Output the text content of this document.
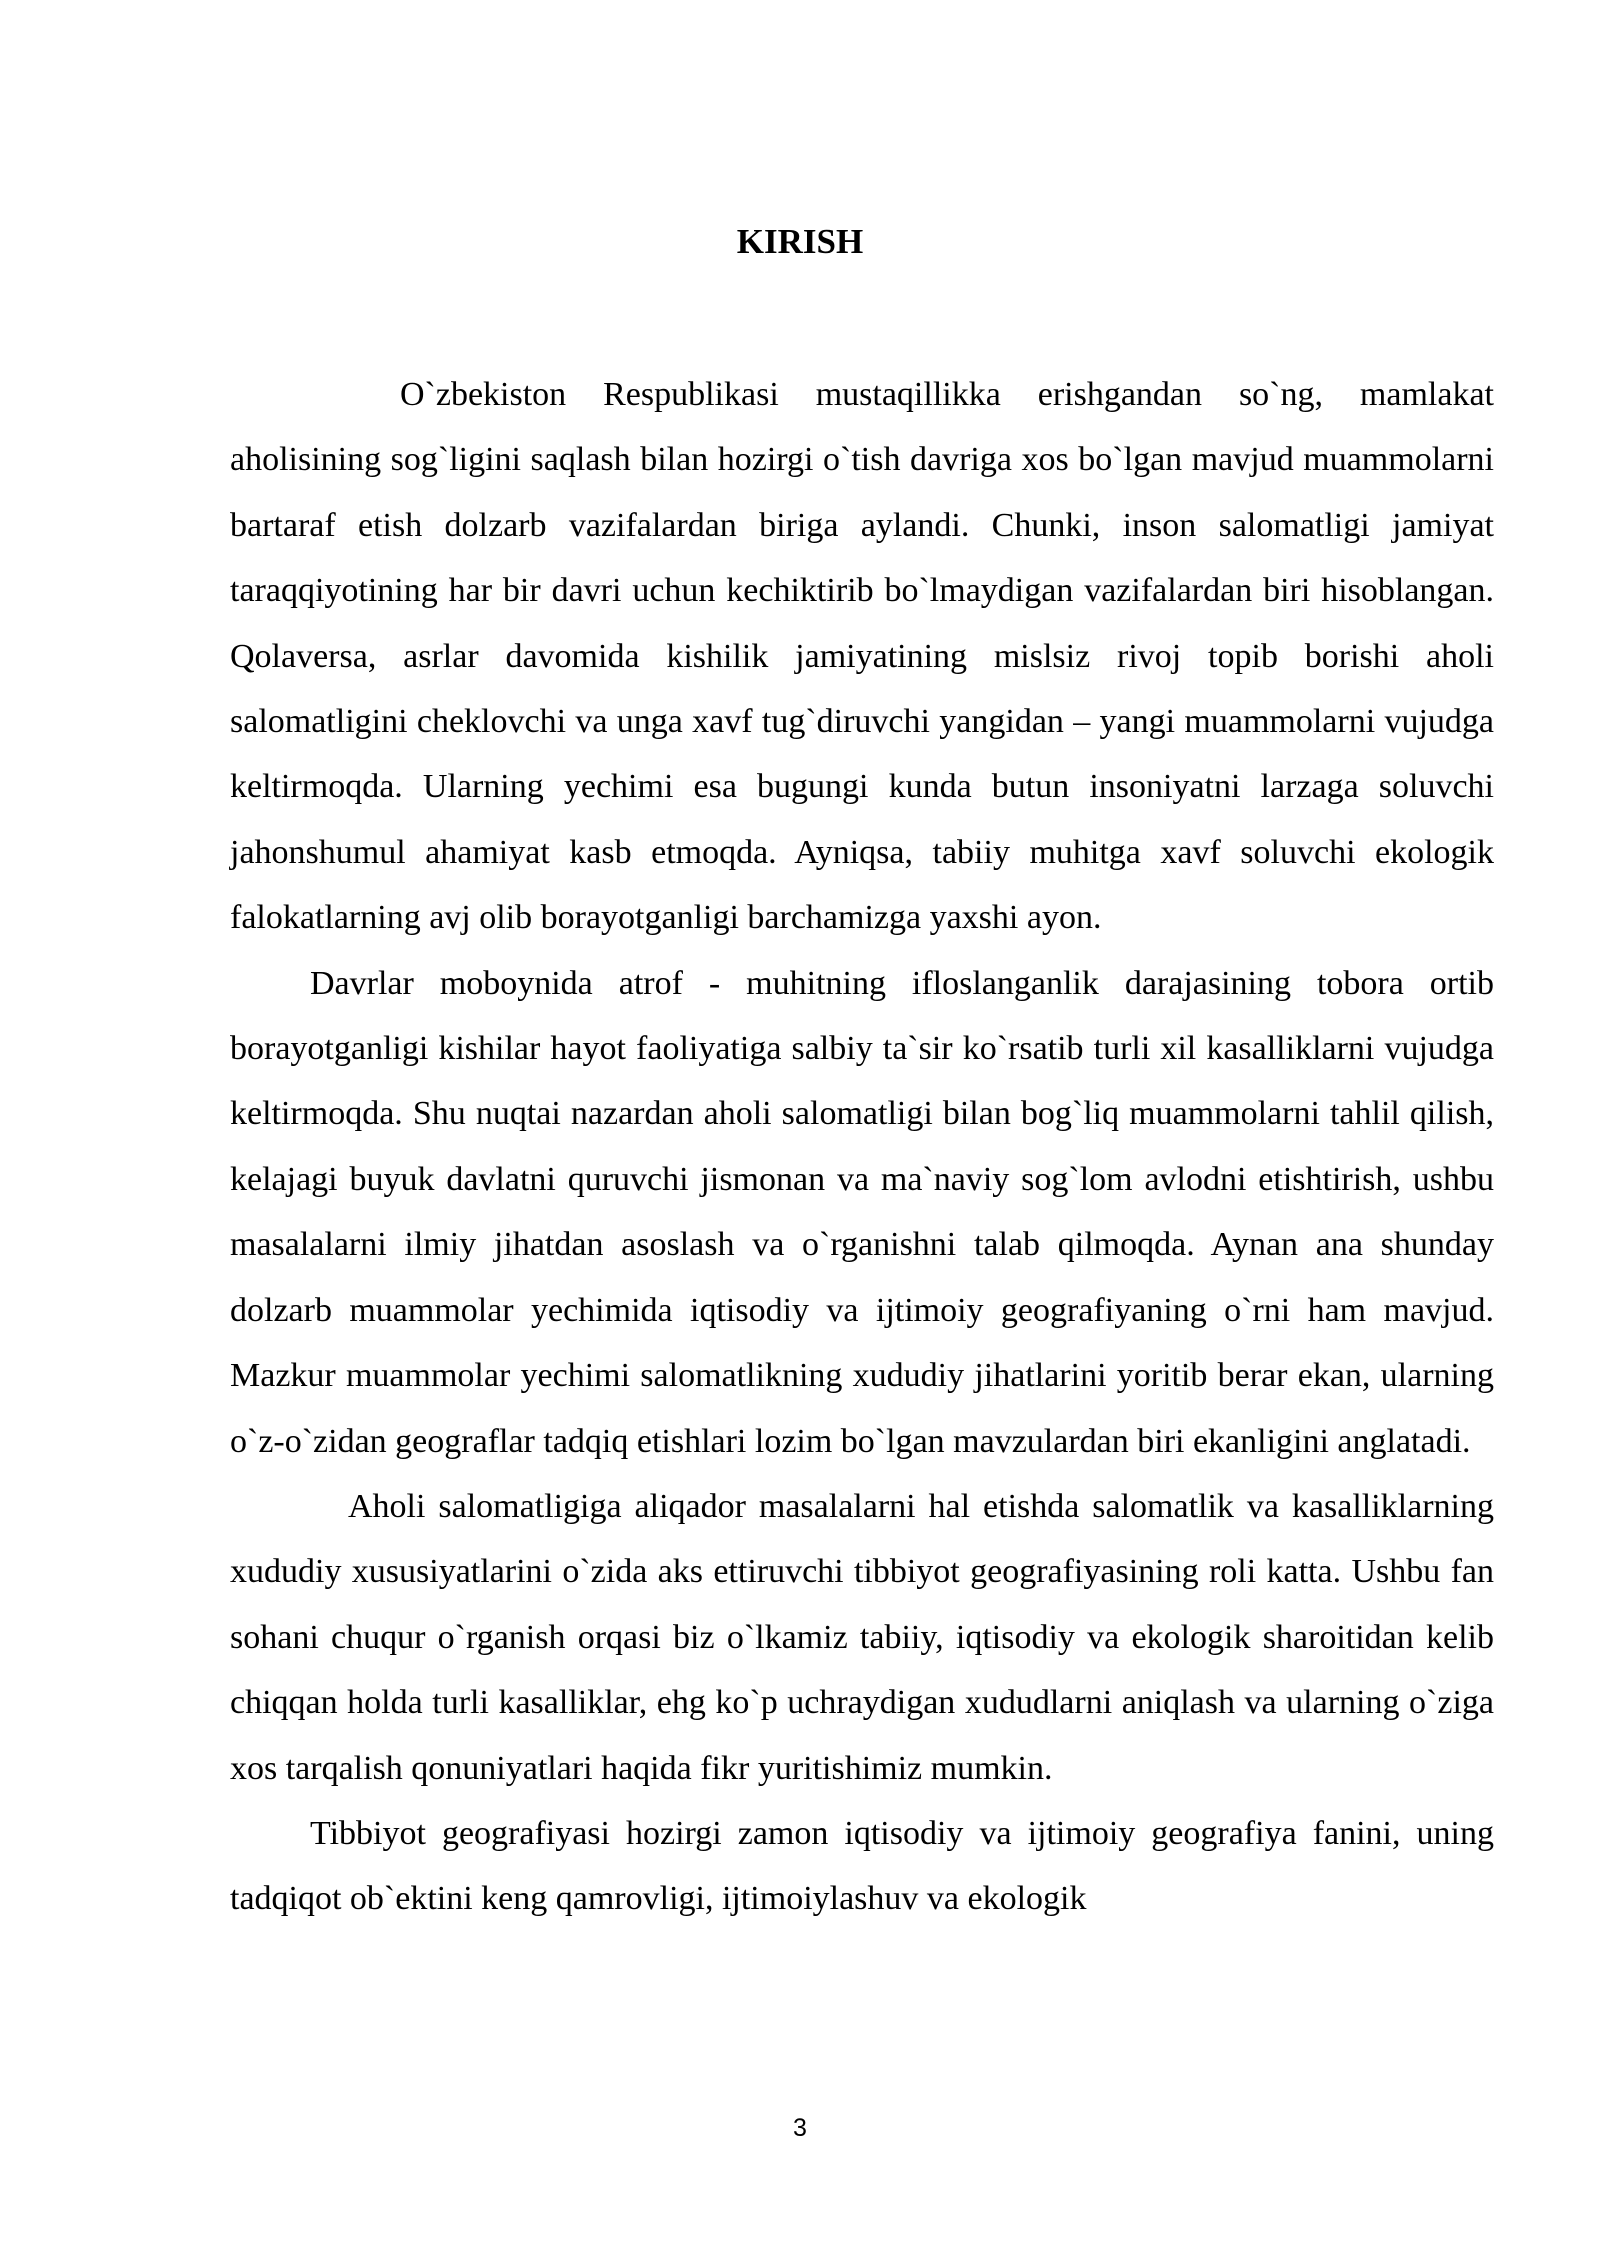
KIRISH

O`zbekiston Respublikasi mustaqillikka erishgandan so`ng, mamlakat aholisining sog`ligini saqlash bilan hozirgi o`tish davriga xos bo`lgan mavjud muammolarni bartaraf etish dolzarb vazifalardan biriga aylandi. Chunki, inson salomatligi jamiyat taraqqiyotining har bir davri uchun kechiktirib bo`lmaydigan vazifalardan biri hisoblangan. Qolaversa, asrlar davomida kishilik jamiyatining mislsiz rivoj topib borishi aholi salomatligini cheklovchi va unga xavf tug`diruvchi yangidan – yangi muammolarni vujudga keltirmoqda. Ularning yechimi esa bugungi kunda butun insoniyatni larzaga soluvchi jahonshumul ahamiyat kasb etmoqda. Ayniqsa, tabiiy muhitga xavf soluvchi ekologik falokatlarning avj olib borayotganligi barchamizga yaxshi ayon.

Davrlar moboynida atrof - muhitning ifloslanganlik darajasining tobora ortib borayotganligi kishilar hayot faoliyatiga salbiy ta`sir ko`rsatib turli xil kasalliklarni vujudga keltirmoqda. Shu nuqtai nazardan aholi salomatligi bilan bog`liq muammolarni tahlil qilish, kelajagi buyuk davlatni quruvchi jismonan va ma`naviy sog`lom avlodni etishtirish, ushbu masalalarni ilmiy jihatdan asoslash va o`rganishni talab qilmoqda. Aynan ana shunday dolzarb muammolar yechimida iqtisodiy va ijtimoiy geografiyaning o`rni ham mavjud. Mazkur muammolar yechimi salomatlikning xududiy jihatlarini yoritib berar ekan, ularning o`z-o`zidan geograflar tadqiq etishlari lozim bo`lgan mavzulardan biri ekanligini anglatadi.

Aholi salomatligiga aliqador masalalarni hal etishda salomatlik va kasalliklarning xududiy xususiyatlarini o`zida aks ettiruvchi tibbiyot geografiyasining roli katta. Ushbu fan sohani chuqur o`rganish orqasi biz o`lkamiz tabiiy, iqtisodiy va ekologik sharoitidan kelib chiqqan holda turli kasalliklar, ehg ko`p uchraydigan xududlarni aniqlash va ularning o`ziga xos tarqalish qonuniyatlari haqida fikr yuritishimiz mumkin.

Tibbiyot geografiyasi hozirgi zamon iqtisodiy va ijtimoiy geografiya fanini, uning tadqiqot ob`ektini keng qamrovligi, ijtimoiylashuv va ekologik

3
